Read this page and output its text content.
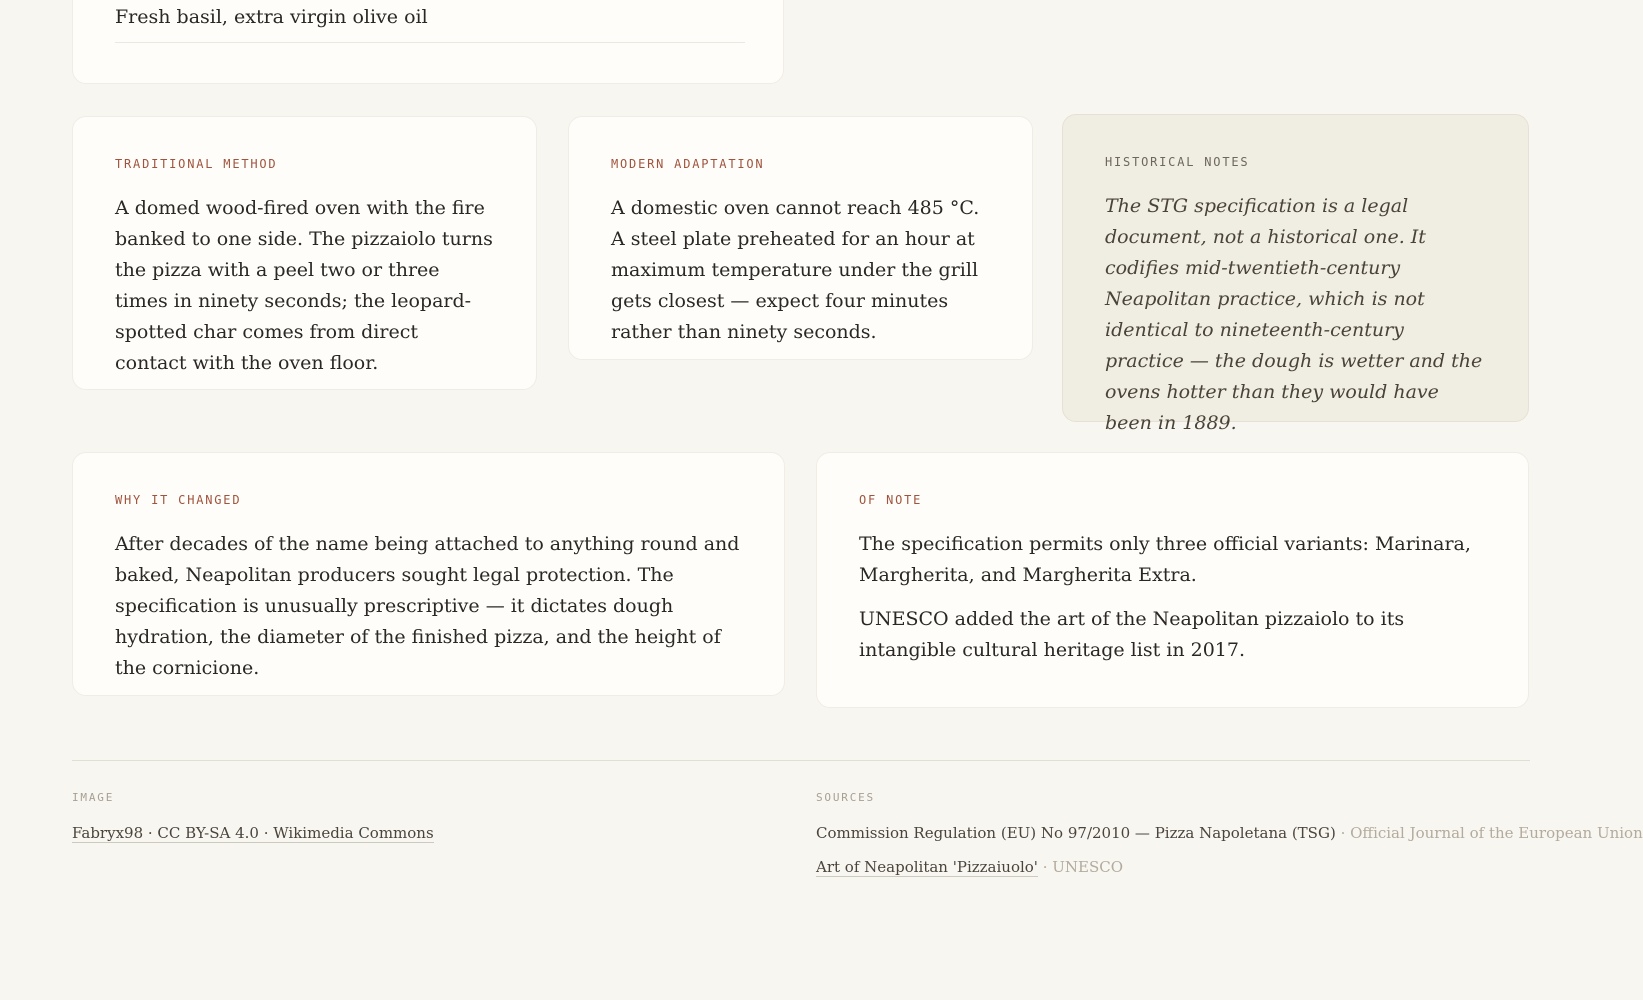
Fresh basil, extra virgin olive oil
TRADITIONAL METHOD

A domed wood-fired oven with the fire banked to one side. The pizzaiolo turns the pizza with a peel two or three times in ninety seconds; the leopard-spotted char comes from direct contact with the oven floor.

MODERN ADAPTATION

A domestic oven cannot reach 485 °C. A steel plate preheated for an hour at maximum temperature under the grill gets closest — expect four minutes rather than ninety seconds.

HISTORICAL NOTES

The STG specification is a legal document, not a historical one. It codifies mid-twentieth-century Neapolitan practice, which is not identical to nineteenth-century practice — the dough is wetter and the ovens hotter than they would have been in 1889.

WHY IT CHANGED

After decades of the name being attached to anything round and baked, Neapolitan producers sought legal protection. The specification is unusually prescriptive — it dictates dough hydration, the diameter of the finished pizza, and the height of the cornicione.

OF NOTE

The specification permits only three official variants: Marinara, Margherita, and Margherita Extra.

UNESCO added the art of the Neapolitan pizzaiolo to its intangible cultural heritage list in 2017.

IMAGE
Fabryx98 · CC BY-SA 4.0 · Wikimedia Commons
SOURCES
Commission Regulation (EU) No 97/2010 — Pizza Napoletana (TSG) · Official Journal of the European Union
Art of Neapolitan 'Pizzaiuolo' · UNESCO
